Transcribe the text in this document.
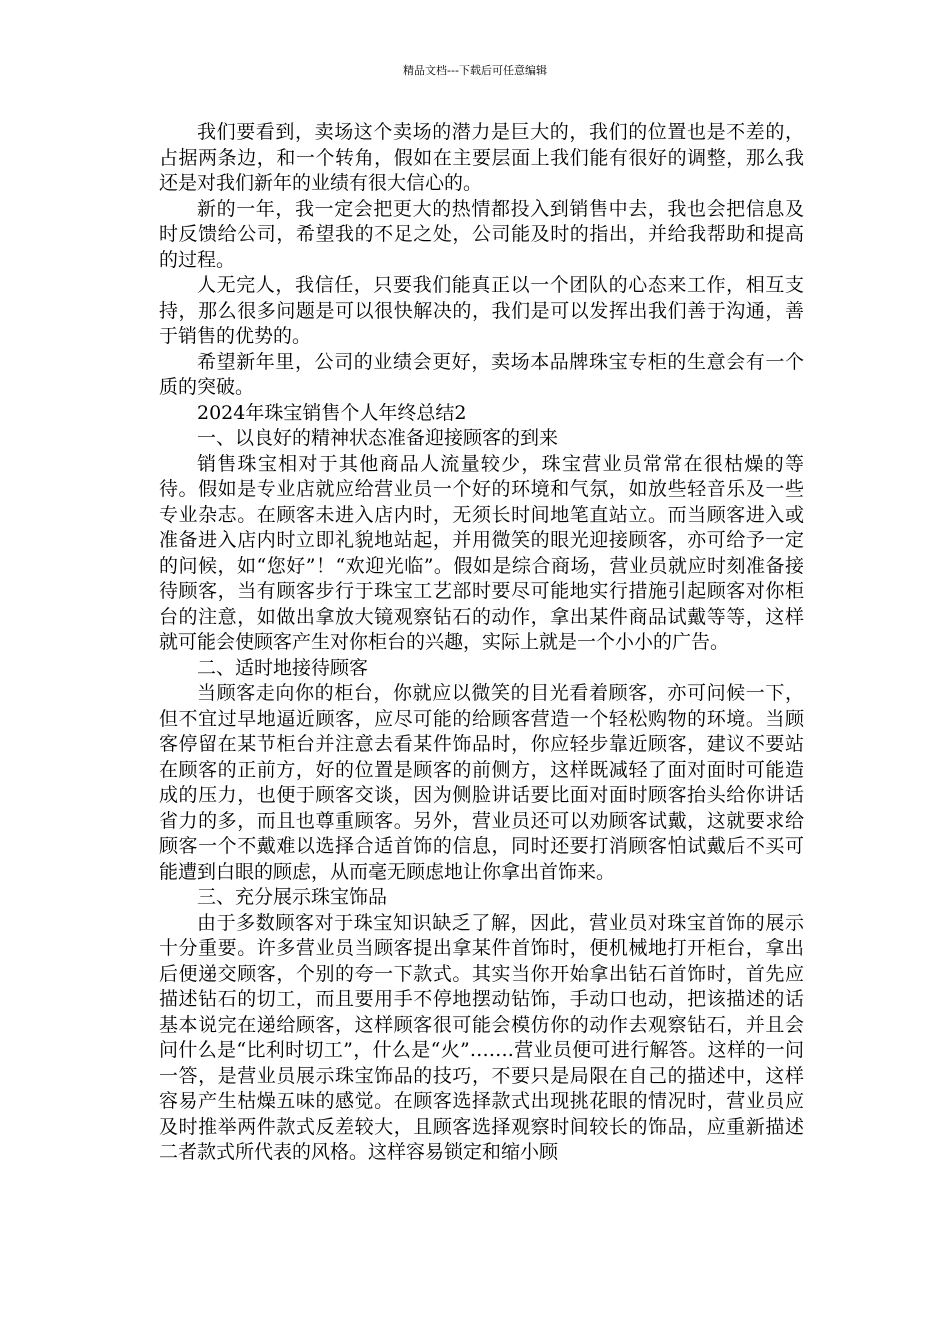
精品文档---下载后可任意编辑

我们要看到，卖场这个卖场的潜力是巨大的，我们的位置也是不差的，占据两条边，和一个转角，假如在主要层面上我们能有很好的调整，那么我还是对我们新年的业绩有很大信心的。

新的一年，我一定会把更大的热情都投入到销售中去，我也会把信息及时反馈给公司，希望我的不足之处，公司能及时的指出，并给我帮助和提高的过程。

人无完人，我信任，只要我们能真正以一个团队的心态来工作，相互支持，那么很多问题是可以很快解决的，我们是可以发挥出我们善于沟通，善于销售的优势的。

希望新年里，公司的业绩会更好，卖场本品牌珠宝专柜的生意会有一个质的突破。

2024年珠宝销售个人年终总结2

一、以良好的精神状态准备迎接顾客的到来

销售珠宝相对于其他商品人流量较少，珠宝营业员常常在很枯燥的等待。假如是专业店就应给营业员一个好的环境和气氛，如放些轻音乐及一些专业杂志。在顾客未进入店内时，无须长时间地笔直站立。而当顾客进入或准备进入店内时立即礼貌地站起，并用微笑的眼光迎接顾客，亦可给予一定的问候，如“您好”！“欢迎光临”。假如是综合商场，营业员就应时刻准备接待顾客，当有顾客步行于珠宝工艺部时要尽可能地实行措施引起顾客对你柜台的注意，如做出拿放大镜观察钻石的动作，拿出某件商品试戴等等，这样就可能会使顾客产生对你柜台的兴趣，实际上就是一个小小的广告。

二、适时地接待顾客

当顾客走向你的柜台，你就应以微笑的目光看着顾客，亦可问候一下，但不宜过早地逼近顾客，应尽可能的给顾客营造一个轻松购物的环境。当顾客停留在某节柜台并注意去看某件饰品时，你应轻步靠近顾客，建议不要站在顾客的正前方，好的位置是顾客的前侧方，这样既减轻了面对面时可能造成的压力，也便于顾客交谈，因为侧脸讲话要比面对面时顾客抬头给你讲话省力的多，而且也尊重顾客。另外，营业员还可以劝顾客试戴，这就要求给顾客一个不戴难以选择合适首饰的信息，同时还要打消顾客怕试戴后不买可能遭到白眼的顾虑，从而毫无顾虑地让你拿出首饰来。

三、充分展示珠宝饰品

由于多数顾客对于珠宝知识缺乏了解，因此，营业员对珠宝首饰的展示十分重要。许多营业员当顾客提出拿某件首饰时，便机械地打开柜台，拿出后便递交顾客，个别的夸一下款式。其实当你开始拿出钻石首饰时，首先应描述钻石的切工，而且要用手不停地摆动钻饰，手动口也动，把该描述的话基本说完在递给顾客，这样顾客很可能会模仿你的动作去观察钻石，并且会问什么是“比利时切工”，什么是“火”…….营业员便可进行解答。这样的一问一答，是营业员展示珠宝饰品的技巧，不要只是局限在自己的描述中，这样容易产生枯燥五味的感觉。在顾客选择款式出现挑花眼的情况时，营业员应及时推举两件款式反差较大，且顾客选择观察时间较长的饰品，应重新描述二者款式所代表的风格。这样容易锁定和缩小顾
